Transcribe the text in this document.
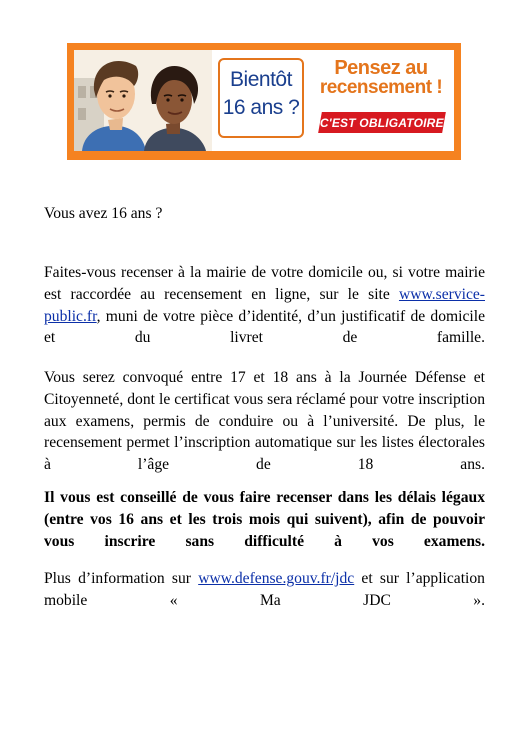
Bientôt
16 ans ?
Pensez au
recensement !
C'EST OBLIGATOIRE

Vous avez 16 ans ?

Faites-vous recenser à la mairie de votre domicile ou, si votre mairie est raccordée au recensement en ligne, sur le site www.service-public.fr, muni de votre pièce d’identité, d’un justificatif de domicile et du livret de famille.

Vous serez convoqué entre 17 et 18 ans à la Journée Défense et Citoyenneté, dont le certificat vous sera réclamé pour votre inscription aux examens, permis de conduire ou à l’université. De plus, le recensement permet l’inscription automatique sur les listes électorales à l’âge de 18 ans.

Il vous est conseillé de vous faire recenser dans les délais légaux (entre vos 16 ans et les trois mois qui suivent), afin de pouvoir vous inscrire sans difficulté à vos examens.

Plus d’information sur www.defense.gouv.fr/jdc et sur l’application mobile « Ma JDC ».
